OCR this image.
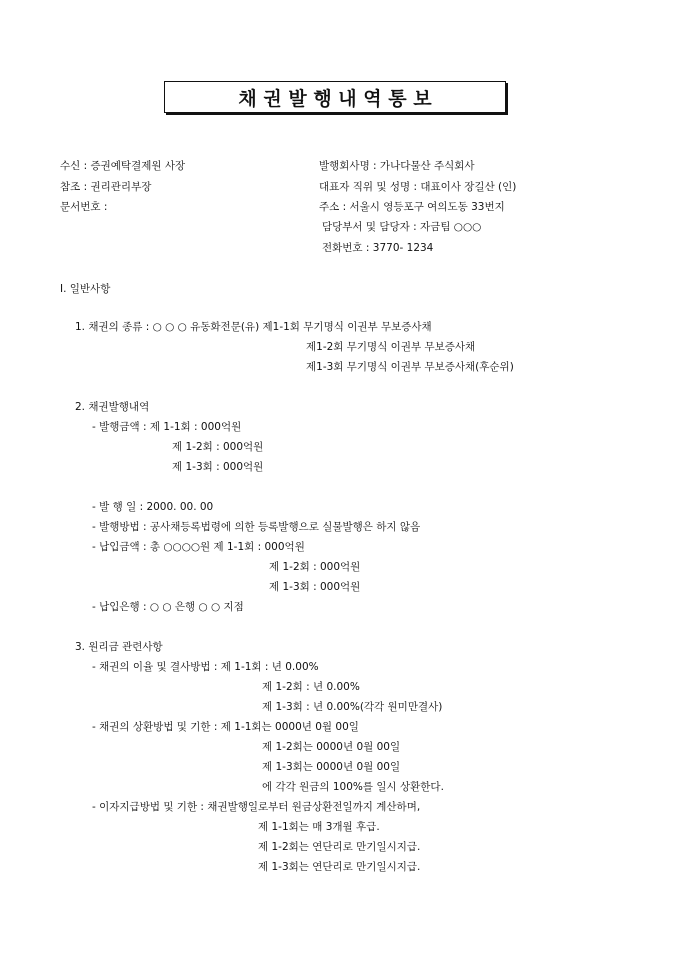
채 권 발 행 내 역 통 보
수신 : 증권예탁결제원 사장
참조 : 권리관리부장
문서번호 :
발행회사명 : 가나다물산 주식회사
대표자 직위 및 성명 : 대표이사 장길산 (인)
주소 : 서울시 영등포구 여의도동 33번지
담당부서 및 담당자 : 자금팀 ○○○
전화번호 : 3770- 1234
Ⅰ. 일반사항
1. 채권의 종류 : ○ ○ ○ 유동화전문(유) 제1-1회 무기명식 이권부 무보증사채
제1-2회 무기명식 이권부 무보증사채
제1-3회 무기명식 이권부 무보증사채(후순위)
2. 채권발행내역
- 발행금액 : 제 1-1회 : 000억원
제 1-2회 : 000억원
제 1-3회 : 000억원
- 발 행 일 : 2000. 00. 00
- 발행방법 : 공사채등록법령에 의한 등록발행으로 실물발행은 하지 않음
- 납입금액 : 총 ○○○○원 제 1-1회 : 000억원
제 1-2회 : 000억원
제 1-3회 : 000억원
- 납입은행 : ○ ○ 은행 ○ ○ 지점
3. 원리금 관련사항
- 채권의 이율 및 결사방법 : 제 1-1회 : 년 0.00%
제 1-2회 : 년 0.00%
제 1-3회 : 년 0.00%(각각 원미만결사)
- 채권의 상환방법 및 기한 : 제 1-1회는 0000년 0월 00일
제 1-2회는 0000년 0월 00일
제 1-3회는 0000년 0월 00일
에 각각 원금의 100%를 일시 상환한다.
- 이자지급방법 및 기한 : 채권발행일로부터 원금상환전일까지 계산하며,
제 1-1회는 매 3개월 후급.
제 1-2회는 연단리로 만기일시지급.
제 1-3회는 연단리로 만기일시지급.
